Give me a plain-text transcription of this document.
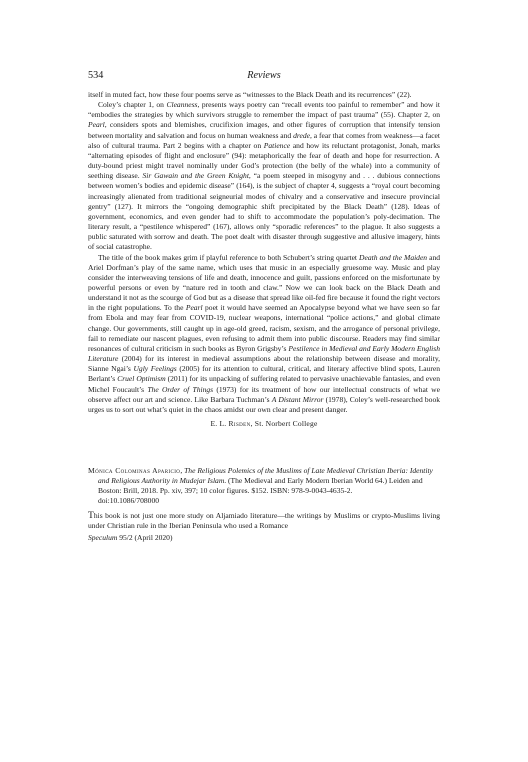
534	Reviews

itself in muted fact, how these four poems serve as “witnesses to the Black Death and its recurrences” (22).

Coley’s chapter 1, on Cleanness, presents ways poetry can “recall events too painful to remember” and how it “embodies the strategies by which survivors struggle to remember the impact of past trauma” (55). Chapter 2, on Pearl, considers spots and blemishes, crucifixion images, and other figures of corruption that intensify tension between mortality and salvation and focus on human weakness and drede, a fear that comes from weakness—a facet also of cultural trauma. Part 2 begins with a chapter on Patience and how its reluctant protagonist, Jonah, marks “alternating episodes of flight and enclosure” (94): metaphorically the fear of death and hope for resurrection. A duty-bound priest might travel nominally under God’s protection (the belly of the whale) into a community of seething disease. Sir Gawain and the Green Knight, “a poem steeped in misogyny and . . . dubious connections between women’s bodies and epidemic disease” (164), is the subject of chapter 4, suggests a “royal court becoming increasingly alienated from traditional seigneurial modes of chivalry and a conservative and insecure provincial gentry” (127). It mirrors the “ongoing demographic shift precipitated by the Black Death” (128). Ideas of government, economics, and even gender had to shift to accommodate the population’s poly-decimation. The literary result, a “pestilence whispered” (167), allows only “sporadic references” to the plague. It also suggests a public saturated with sorrow and death. The poet dealt with disaster through suggestive and allusive imagery, hints of social catastrophe.

The title of the book makes grim if playful reference to both Schubert’s string quartet Death and the Maiden and Ariel Dorfman’s play of the same name, which uses that music in an especially gruesome way. Music and play consider the interweaving tensions of life and death, innocence and guilt, passions enforced on the misfortunate by powerful persons or even by “nature red in tooth and claw.” Now we can look back on the Black Death and understand it not as the scourge of God but as a disease that spread like oil-fed fire because it found the right vectors in the right populations. To the Pearl poet it would have seemed an Apocalypse beyond what we have seen so far from Ebola and may fear from COVID-19, nuclear weapons, international “police actions,” and global climate change. Our governments, still caught up in age-old greed, racism, sexism, and the arrogance of personal privilege, fail to remediate our nascent plagues, even refusing to admit them into public discourse. Readers may find similar resonances of cultural criticism in such books as Byron Grigsby’s Pestilence in Medieval and Early Modern English Literature (2004) for its interest in medieval assumptions about the relationship between disease and morality, Sianne Ngai’s Ugly Feelings (2005) for its attention to cultural, critical, and literary affective blind spots, Lauren Berlant’s Cruel Optimism (2011) for its unpacking of suffering related to pervasive unachievable fantasies, and even Michel Foucault’s The Order of Things (1973) for its treatment of how our intellectual constructs of what we observe affect our art and science. Like Barbara Tuchman’s A Distant Mirror (1978), Coley’s well-researched book urges us to sort out what’s quiet in the chaos amidst our own clear and present danger.

E. L. Risden, St. Norbert College
Mónica Colominas Aparicio, The Religious Polemics of the Muslims of Late Medieval Christian Iberia: Identity and Religious Authority in Mudejar Islam. (The Medieval and Early Modern Iberian World 64.) Leiden and Boston: Brill, 2018. Pp. xiv, 397; 10 color figures. $152. ISBN: 978-9-0043-4635-2.
doi:10.1086/708000
This book is not just one more study on Aljamiado literature—the writings by Muslims or crypto-Muslims living under Christian rule in the Iberian Peninsula who used a Romance
Speculum 95/2 (April 2020)
